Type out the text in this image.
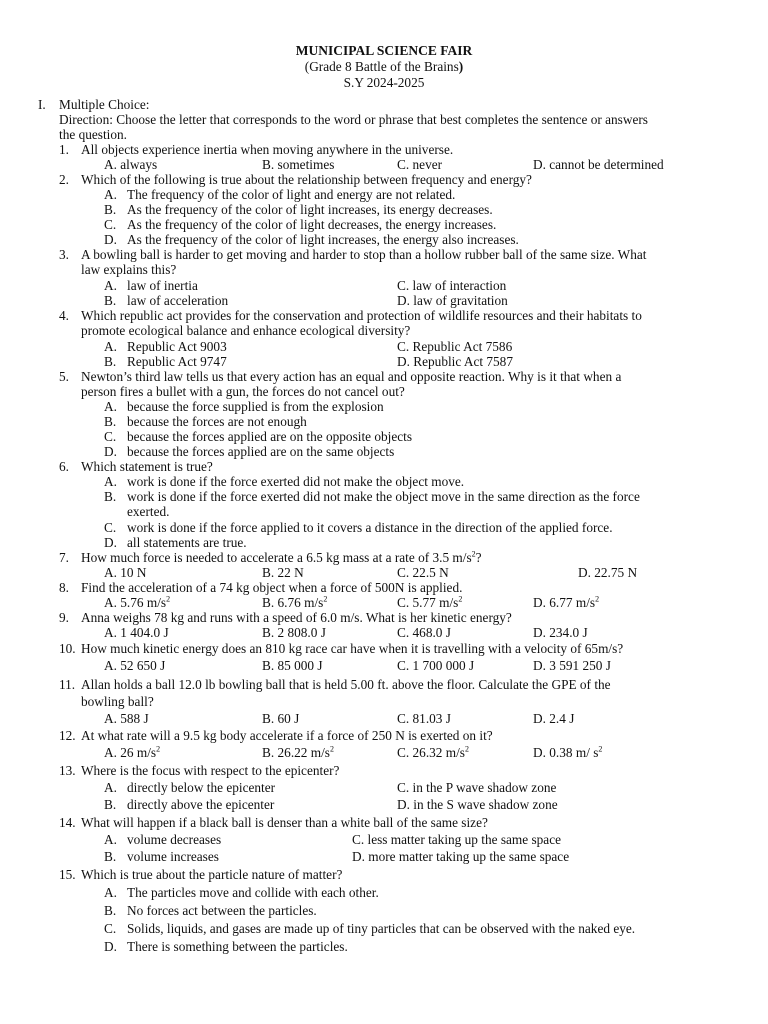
MUNICIPAL SCIENCE FAIR
(Grade 8 Battle of the Brains)
S.Y 2024-2025
I. Multiple Choice:
Direction: Choose the letter that corresponds to the word or phrase that best completes the sentence or answers
the question.
1. All objects experience inertia when moving anywhere in the universe.
A. always	B. sometimes	C. never	D. cannot be determined
2. Which of the following is true about the relationship between frequency and energy?
A. The frequency of the color of light and energy are not related.
B. As the frequency of the color of light increases, its energy decreases.
C. As the frequency of the color of light decreases, the energy increases.
D. As the frequency of the color of light increases, the energy also increases.
3. A bowling ball is harder to get moving and harder to stop than a hollow rubber ball of the same size. What
law explains this?
A. law of inertia	C. law of interaction
B. law of acceleration	D. law of gravitation
4. Which republic act provides for the conservation and protection of wildlife resources and their habitats to
promote ecological balance and enhance ecological diversity?
A. Republic Act 9003	C. Republic Act 7586
B. Republic Act 9747	D. Republic Act 7587
5. Newton’s third law tells us that every action has an equal and opposite reaction. Why is it that when a
person fires a bullet with a gun, the forces do not cancel out?
A. because the force supplied is from the explosion
B. because the forces are not enough
C. because the forces applied are on the opposite objects
D. because the forces applied are on the same objects
6. Which statement is true?
A. work is done if the force exerted did not make the object move.
B. work is done if the force exerted did not make the object move in the same direction as the force
exerted.
C. work is done if the force applied to it covers a distance in the direction of the applied force.
D. all statements are true.
7. How much force is needed to accelerate a 6.5 kg mass at a rate of 3.5 $m/s^2$?
A. 10 N	B. 22 N	C. 22.5 N	D. 22.75 N
8. Find the acceleration of a 74 kg object when a force of 500N is applied.
A. 5.76 $m/s^2$	B. 6.76 $m/s^2$	C. 5.77 $m/s^2$	D. 6.77 $m/s^2$
9. Anna weighs 78 kg and runs with a speed of 6.0 m/s. What is her kinetic energy?
A. 1 404.0 J	B. 2 808.0 J	C. 468.0 J	D. 234.0 J
10. How much kinetic energy does an 810 kg race car have when it is travelling with a velocity of 65m/s?
A. 52 650 J	B. 85 000 J	C. 1 700 000 J	D. 3 591 250 J
11. Allan holds a ball 12.0 lb bowling ball that is held 5.00 ft. above the floor. Calculate the GPE of the
bowling ball?
A. 588 J	B. 60 J	C. 81.03 J	D. 2.4 J
12. At what rate will a 9.5 kg body accelerate if a force of 250 N is exerted on it?
A. 26 $m/s^2$	B. 26.22 $m/s^2$	C. 26.32 $m/s^2$	D. 0.38 m/ $s^2$
13. Where is the focus with respect to the epicenter?
A. directly below the epicenter	C. in the P wave shadow zone
B. directly above the epicenter	D. in the S wave shadow zone
14. What will happen if a black ball is denser than a white ball of the same size?
A. volume decreases	C. less matter taking up the same space
B. volume increases	D. more matter taking up the same space
15. Which is true about the particle nature of matter?
A. The particles move and collide with each other.
B. No forces act between the particles.
C. Solids, liquids, and gases are made up of tiny particles that can be observed with the naked eye.
D. There is something between the particles.
